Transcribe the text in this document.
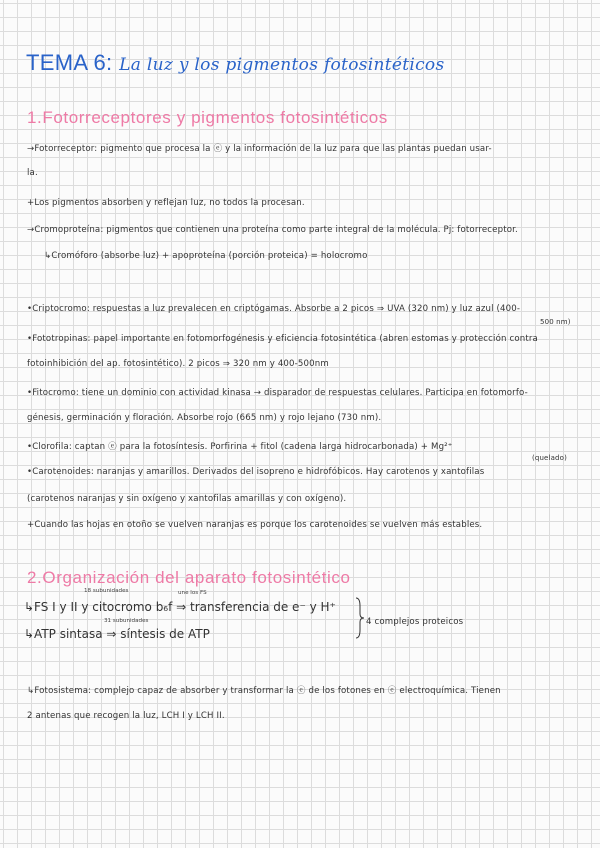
TEMA 6: La luz y los pigmentos fotosintéticos
1.Fotorreceptores y pigmentos fotosintéticos
→Fotorreceptor: pigmento que procesa la ⓔ y la información de la luz para que las plantas puedan usar-
la.
+Los pigmentos absorben y reflejan luz, no todos la procesan.
→Cromoproteína: pigmentos que contienen una proteína como parte integral de la molécula. Pj: fotorreceptor.
↳Cromóforo (absorbe luz) + apoproteína (porción proteica) = holocromo
•Criptocromo: respuestas a luz prevalecen en criptógamas. Absorbe a 2 picos ⇒ UVA (320 nm) y luz azul (400-
500 nm)
•Fototropinas: papel importante en fotomorfogénesis y eficiencia fotosintética (abren estomas y protección contra
fotoinhibición del ap. fotosintético). 2 picos ⇒ 320 nm y 400-500nm
•Fitocromo: tiene un dominio con actividad kinasa → disparador de respuestas celulares. Participa en fotomorfo-
génesis, germinación y floración. Absorbe rojo (665 nm) y rojo lejano (730 nm).
•Clorofila: captan ⓔ para la fotosíntesis. Porfirina + fitol (cadena larga hidrocarbonada) + Mg²⁺
(quelado)
•Carotenoides: naranjas y amarillos. Derivados del isopreno e hidrofóbicos. Hay carotenos y xantofilas
(carotenos naranjas y sin oxígeno y xantofilas amarillas y con oxígeno).
+Cuando las hojas en otoño se vuelven naranjas es porque los carotenoides se vuelven más estables.
2.Organización del aparato fotosintético
18 subunidades	une los FS
↳FS I y II y citocromo b₆f ⇒ transferencia de e⁻ y H⁺
31 subunidades
↳ATP sintasa ⇒ síntesis de ATP
4 complejos proteicos
↳Fotosistema: complejo capaz de absorber y transformar la ⓔ de los fotones en ⓔ electroquímica. Tienen
2 antenas que recogen la luz, LCH I y LCH II.
